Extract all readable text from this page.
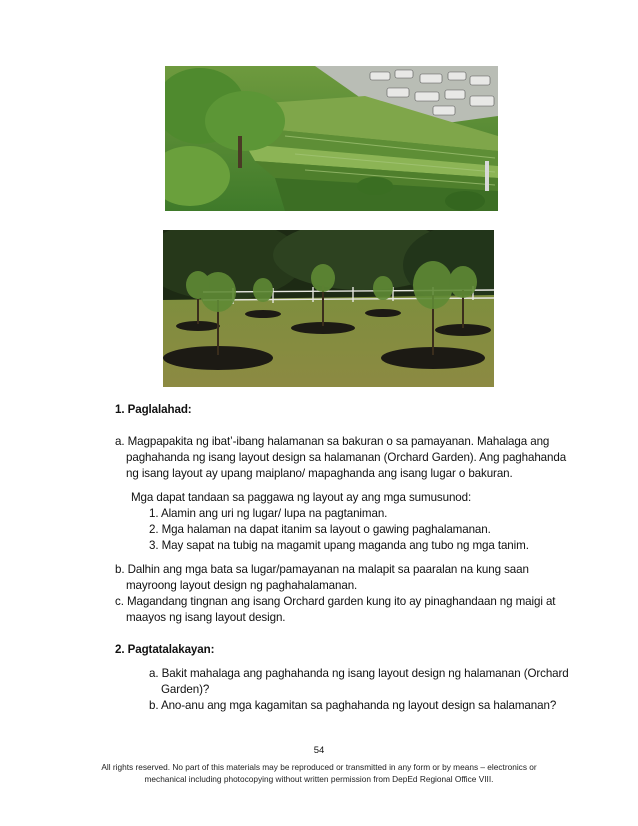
1. Paglalahad:
a. Magpapakita ng ibat’-ibang halamanan sa bakuran o sa pamayanan. Mahalaga ang
paghahanda ng isang layout design sa halamanan (Orchard Garden). Ang paghahanda
ng isang layout ay upang maiplano/ mapaghanda ang isang lugar o bakuran.
Mga dapat tandaan sa paggawa ng layout ay ang mga sumusunod:
1. Alamin ang uri ng lugar/ lupa na pagtaniman.
2. Mga halaman na dapat itanim sa layout o gawing paghalamanan.
3. May sapat na tubig na magamit upang maganda ang tubo ng mga tanim.
b. Dalhin ang mga bata sa lugar/pamayanan na malapit sa paaralan na kung saan
mayroong layout design ng paghahalamanan.
c. Magandang tingnan ang isang Orchard garden kung ito ay pinaghandaan ng maigi at
maayos ng isang layout design.
2. Pagtatalakayan:
a. Bakit mahalaga ang paghahanda ng isang layout design ng halamanan (Orchard
Garden)?
b. Ano-anu ang mga kagamitan sa paghahanda ng layout design sa halamanan?
54
All rights reserved. No part of this materials may be reproduced or transmitted in any form or by means – electronics or
mechanical including photocopying without written permission from DepEd Regional Office VIII.
